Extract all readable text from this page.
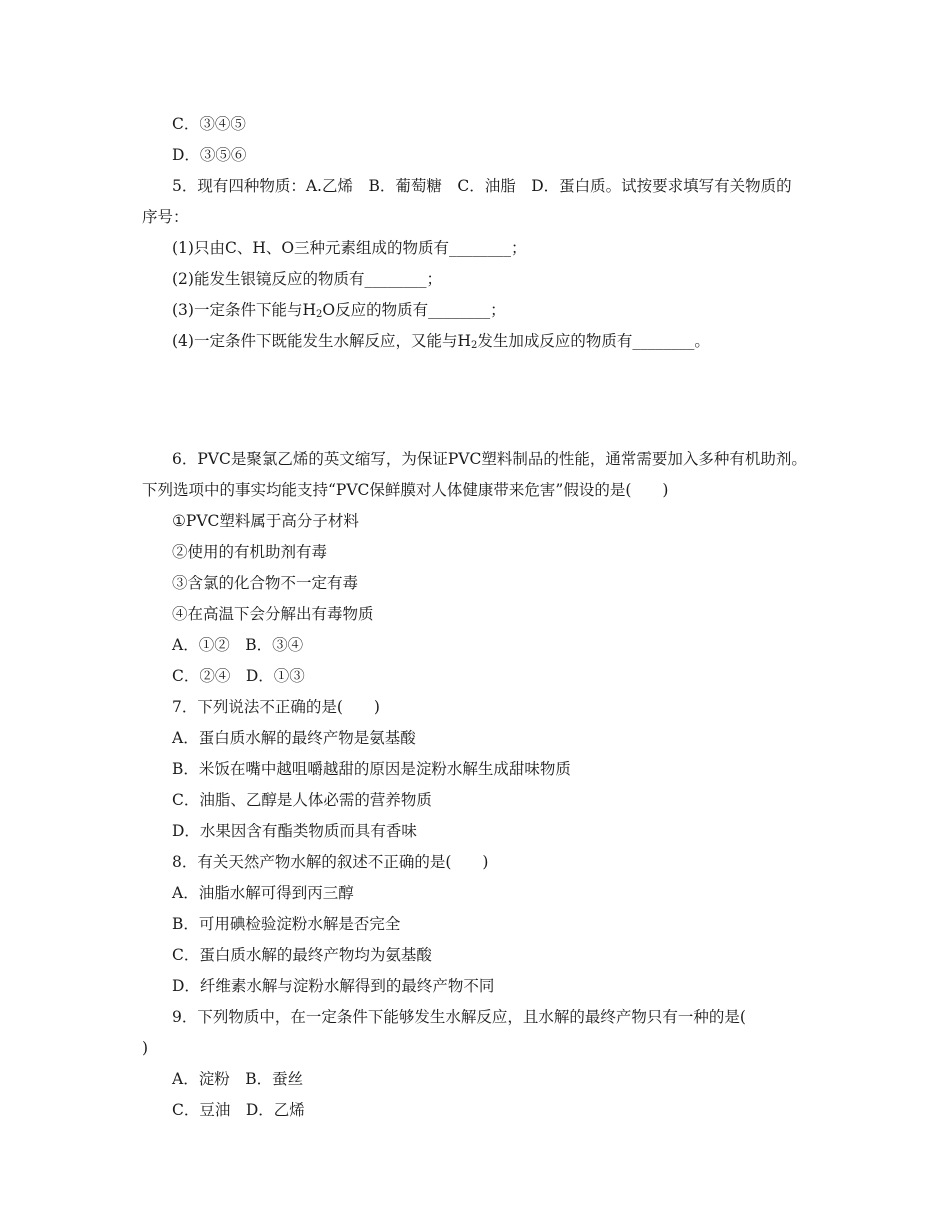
C．③④⑤
D．③⑤⑥
5．现有四种物质：A.乙烯　B．葡萄糖　C．油脂　D．蛋白质。试按要求填写有关物质的
序号：
(1)只由C、H、O三种元素组成的物质有________；
(2)能发生银镜反应的物质有________；
(3)一定条件下能与$H_2O$反应的物质有________；
(4)一定条件下既能发生水解反应，又能与$H_2$发生加成反应的物质有________。
6．PVC是聚氯乙烯的英文缩写，为保证PVC塑料制品的性能，通常需要加入多种有机助剂。
下列选项中的事实均能支持“PVC保鲜膜对人体健康带来危害”假设的是(　　)
①PVC塑料属于高分子材料
②使用的有机助剂有毒
③含氯的化合物不一定有毒
④在高温下会分解出有毒物质
A．①②　B．③④
C．②④　D．①③
7．下列说法不正确的是(　　)
A．蛋白质水解的最终产物是氨基酸
B．米饭在嘴中越咀嚼越甜的原因是淀粉水解生成甜味物质
C．油脂、乙醇是人体必需的营养物质
D．水果因含有酯类物质而具有香味
8．有关天然产物水解的叙述不正确的是(　　)
A．油脂水解可得到丙三醇
B．可用碘检验淀粉水解是否完全
C．蛋白质水解的最终产物均为氨基酸
D．纤维素水解与淀粉水解得到的最终产物不同
9．下列物质中，在一定条件下能够发生水解反应，且水解的最终产物只有一种的是(
)
A．淀粉　B．蚕丝
C．豆油　D．乙烯
